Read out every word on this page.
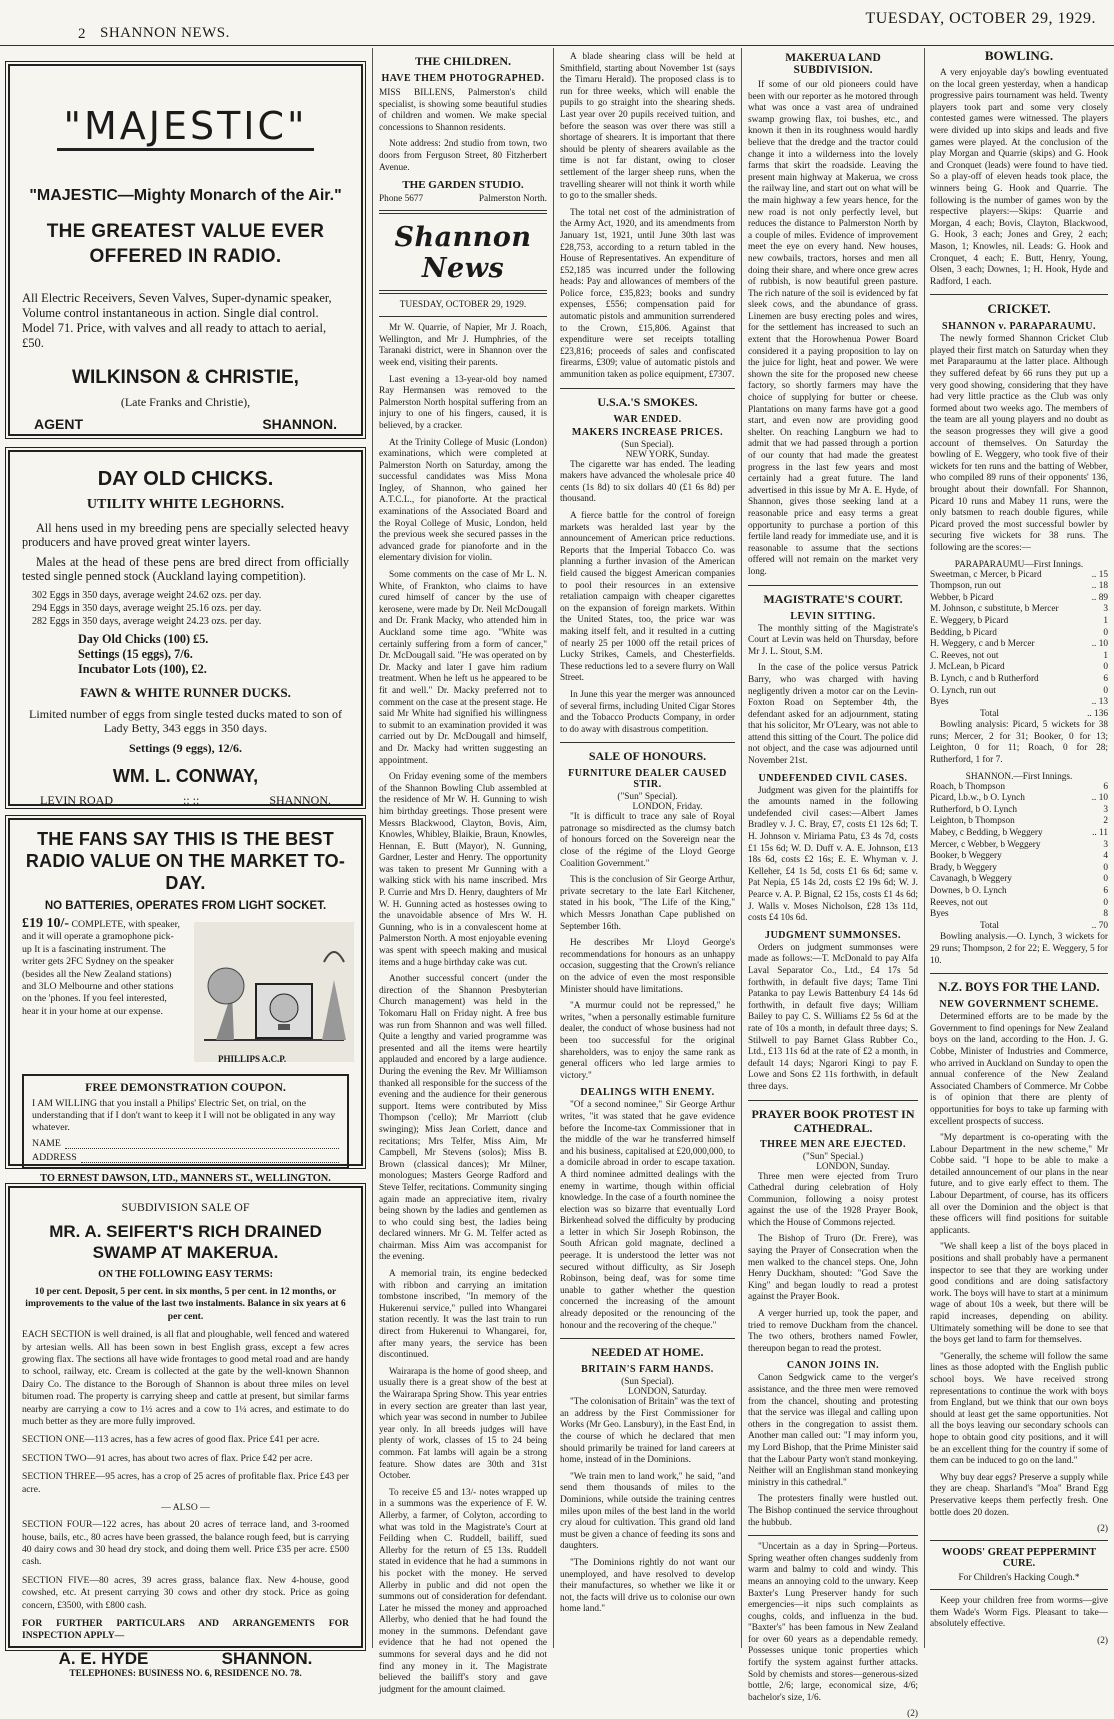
2 SHANNON NEWS.
TUESDAY, OCTOBER 29, 1929.
"MAJESTIC"

"MAJESTIC—Mighty Monarch of the Air."

THE GREATEST VALUE EVER OFFERED IN RADIO.

All Electric Receivers, Seven Valves, Super-dynamic speaker, Volume control instantaneous in action. Single dial control. Model 71. Price, with valves and all ready to attach to aerial, £50.

WILKINSON & CHRISTIE,

(Late Franks and Christie),

AGENT	SHANNON.

DAY OLD CHICKS.

UTILITY WHITE LEGHORNS.

All hens used in my breeding pens are specially selected heavy producers and have proved great winter layers.

Males at the head of these pens are bred direct from officially tested single penned stock (Auckland laying competition).

302 Eggs in 350 days, average weight 24.62 ozs. per day.
294 Eggs in 350 days, average weight 25.16 ozs. per day.
282 Eggs in 350 days, average weight 24.23 ozs. per day.
Day Old Chicks (100) £5.
Settings (15 eggs), 7/6.
Incubator Lots (100), £2.

FAWN & WHITE RUNNER DUCKS.

Limited number of eggs from single tested ducks mated to son of Lady Betty, 343 eggs in 350 days.

Settings (9 eggs), 12/6.

WM. L. CONWAY,

LEVIN ROAD	:: ::	SHANNON.

THE FANS SAY THIS IS THE BEST RADIO VALUE ON THE MARKET TO-DAY.

NO BATTERIES, OPERATES FROM LIGHT SOCKET.

£19 10/- COMPLETE, with speaker, and it will operate a gramophone pick-up It is a fascinating instrument. The writer gets 2FC Sydney on the speaker (besides all the New Zealand stations) and 3LO Melbourne and other stations on the 'phones. If you feel interested, hear it in your home at our expense.
PHILLIPS A.C.P.

FREE DEMONSTRATION COUPON.

I AM WILLING that you install a Philips' Electric Set, on trial, on the understanding that if I don't want to keep it I will not be obligated in any way whatever.

NAME
ADDRESS

TO ERNEST DAWSON, LTD., MANNERS ST., WELLINGTON.

SUBDIVISION SALE OF

MR. A. SEIFERT'S RICH DRAINED SWAMP AT MAKERUA.

ON THE FOLLOWING EASY TERMS:

10 per cent. Deposit, 5 per cent. in six months, 5 per cent. in 12 months, or improvements to the value of the last two instalments. Balance in six years at 6 per cent.

EACH SECTION is well drained, is all flat and ploughable, well fenced and watered by artesian wells. All has been sown in best English grass, except a few acres growing flax. The sections all have wide frontages to good metal road and are handy to school, railway, etc. Cream is collected at the gate by the well-known Shannon Dairy Co. The distance to the Borough of Shannon is about three miles on level bitumen road. The property is carrying sheep and cattle at present, but similar farms nearby are carrying a cow to 1½ acres and a cow to 1¼ acres, and estimate to do much better as they are more fully improved.

SECTION ONE—113 acres, has a few acres of good flax. Price £41 per acre.

SECTION TWO—91 acres, has about two acres of flax. Price £42 per acre.

SECTION THREE—95 acres, has a crop of 25 acres of profitable flax. Price £43 per acre.

— ALSO —

SECTION FOUR—122 acres, has about 20 acres of terrace land, and 3-roomed house, bails, etc., 80 acres have been grassed, the balance rough feed, but is carrying 40 dairy cows and 30 head dry stock, and doing them well. Price £35 per acre. £500 cash.

SECTION FIVE—80 acres, 39 acres grass, balance flax. New 4-house, good cowshed, etc. At present carrying 30 cows and other dry stock. Price as going concern, £3500, with £800 cash.

FOR FURTHER PARTICULARS AND ARRANGEMENTS FOR INSPECTION APPLY—

A. E. HYDE	SHANNON.

TELEPHONES: BUSINESS NO. 6, RESIDENCE NO. 78.

THE CHILDREN.
HAVE THEM PHOTOGRAPHED.

MISS BILLENS, Palmerston's child specialist, is showing some beautiful studies of children and women. We make special concessions to Shannon residents.

Note address: 2nd studio from town, two doors from Ferguson Street, 80 Fitzherbert Avenue.

THE GARDEN STUDIO.
Phone 5677	Palmerston North.
Shannon News
TUESDAY, OCTOBER 29, 1929.

Mr W. Quarrie, of Napier, Mr J. Roach, Wellington, and Mr J. Humphries, of the Taranaki district, were in Shannon over the week end, visiting their parents.

Last evening a 13-year-old boy named Ray Hermansen was removed to the Palmerston North hospital suffering from an injury to one of his fingers, caused, it is believed, by a cracker.

At the Trinity College of Music (London) examinations, which were completed at Palmerston North on Saturday, among the successful candidates was Miss Mona Ingley, of Shannon, who gained her A.T.C.L., for pianoforte. At the practical examinations of the Associated Board and the Royal College of Music, London, held the previous week she secured passes in the advanced grade for pianoforte and in the elementary division for violin.

Some comments on the case of Mr L. N. White, of Frankton, who claims to have cured himself of cancer by the use of kerosene, were made by Dr. Neil McDougall and Dr. Frank Macky, who attended him in Auckland some time ago. "White was certainly suffering from a form of cancer," Dr. McDougall said. "He was operated on by Dr. Macky and later I gave him radium treatment. When he left us he appeared to be fit and well." Dr. Macky preferred not to comment on the case at the present stage. He said Mr White had signified his willingness to submit to an examination provided it was carried out by Dr. McDougall and himself, and Dr. Macky had written suggesting an appointment.

On Friday evening some of the members of the Shannon Bowling Club assembled at the residence of Mr W. H. Gunning to wish him birthday greetings. Those present were Messrs Blackwood, Clayton, Bovis, Aim, Knowles, Whibley, Blaikie, Braun, Knowles, Hennan, E. Butt (Mayor), N. Gunning, Gardner, Lester and Henry. The opportunity was taken to present Mr Gunning with a walking stick with his name inscribed. Mrs P. Currie and Mrs D. Henry, daughters of Mr W. H. Gunning acted as hostesses owing to the unavoidable absence of Mrs W. H. Gunning, who is in a convalescent home at Palmerston North. A most enjoyable evening was spent with speech making and musical items and a huge birthday cake was cut.

Another successful concert (under the direction of the Shannon Presbyterian Church management) was held in the Tokomaru Hall on Friday night. A free bus was run from Shannon and was well filled. Quite a lengthy and varied programme was presented and all the items were heartily applauded and encored by a large audience. During the evening the Rev. Mr Williamson thanked all responsible for the success of the evening and the audience for their generous support. Items were contributed by Miss Thompson ('cello); Mr Marriott (club swinging); Miss Jean Corlett, dance and recitations; Mrs Telfer, Miss Aim, Mr Campbell, Mr Stevens (solos); Miss B. Brown (classical dances); Mr Milner, monologues; Masters George Radford and Steve Telfer, recitations. Community singing again made an appreciative item, rivalry being shown by the ladies and gentlemen as to who could sing best, the ladies being declared winners. Mr G. M. Telfer acted as chairman. Miss Aim was accompanist for the evening.

A memorial train, its engine bedecked with ribbon and carrying an imitation tombstone inscribed, "In memory of the Hukerenui service," pulled into Whangarei station recently. It was the last train to run direct from Hukerenui to Whangarei, for, after many years, the service has been discontinued.

Wairarapa is the home of good sheep, and usually there is a great show of the best at the Wairarapa Spring Show. This year entries in every section are greater than last year, which year was second in number to Jubilee year only. In all breeds judges will have plenty of work, classes of 15 to 24 being common. Fat lambs will again be a strong feature. Show dates are 30th and 31st October.

To receive £5 and 13/- notes wrapped up in a summons was the experience of F. W. Allerby, a farmer, of Colyton, according to what was told in the Magistrate's Court at Feilding when C. Ruddell, bailiff, sued Allerby for the return of £5 13s. Ruddell stated in evidence that he had a summons in his pocket with the money. He served Allerby in public and did not open the summons out of consideration for defendant. Later he missed the money and approached Allerby, who denied that he had found the money in the summons. Defendant gave evidence that he had not opened the summons for several days and he did not find any money in it. The Magistrate believed the bailiff's story and gave judgment for the amount claimed.

A blade shearing class will be held at Smithfield, starting about November 1st (says the Timaru Herald). The proposed class is to run for three weeks, which will enable the pupils to go straight into the shearing sheds. Last year over 20 pupils received tuition, and before the season was over there was still a shortage of shearers. It is important that there should be plenty of shearers available as the time is not far distant, owing to closer settlement of the larger sheep runs, when the travelling shearer will not think it worth while to go to the smaller sheds.

The total net cost of the administration of the Army Act, 1920, and its amendments from January 1st, 1921, until June 30th last was £28,753, according to a return tabled in the House of Representatives. An expenditure of £52,185 was incurred under the following heads: Pay and allowances of members of the Police force, £35,823; books and sundry expenses, £556; compensation paid for automatic pistols and ammunition surrendered to the Crown, £15,806. Against that expenditure were set receipts totalling £23,816; proceeds of sales and confiscated firearms, £309; value of automatic pistols and ammunition taken as police equipment, £7307.

U.S.A.'S SMOKES.
WAR ENDED.
MAKERS INCREASE PRICES.
(Sun Special).
NEW YORK, Sunday.

The cigarette war has ended. The leading makers have advanced the wholesale price 40 cents (1s 8d) to six dollars 40 (£1 6s 8d) per thousand.

A fierce battle for the control of foreign markets was heralded last year by the announcement of American price reductions. Reports that the Imperial Tobacco Co. was planning a further invasion of the American field caused the biggest American companies to pool their resources in an extensive retaliation campaign with cheaper cigarettes on the expansion of foreign markets. Within the United States, too, the price war was making itself felt, and it resulted in a cutting of nearly 25 per 1000 off the retail prices of Lucky Strikes, Camels, and Chesterfields. These reductions led to a severe flurry on Wall Street.

In June this year the merger was announced of several firms, including United Cigar Stores and the Tobacco Products Company, in order to do away with disastrous competition.

SALE OF HONOURS.
FURNITURE DEALER CAUSED STIR.
("Sun" Special).
LONDON, Friday.

"It is difficult to trace any sale of Royal patronage so misdirected as the clumsy batch of honours forced on the Sovereign near the close of the régime of the Lloyd George Coalition Government."

This is the conclusion of Sir George Arthur, private secretary to the late Earl Kitchener, stated in his book, "The Life of the King," which Messrs Jonathan Cape published on September 16th.

He describes Mr Lloyd George's recommendations for honours as an unhappy occasion, suggesting that the Crown's reliance on the advice of even the most responsible Minister should have limitations.

"A murmur could not be repressed," he writes, "when a personally estimable furniture dealer, the conduct of whose business had not been too successful for the original shareholders, was to enjoy the same rank as general officers who led large armies to victory."

DEALINGS WITH ENEMY.

"Of a second nominee," Sir George Arthur writes, "it was stated that he gave evidence before the Income-tax Commissioner that in the middle of the war he transferred himself and his business, capitalised at £20,000,000, to a domicile abroad in order to escape taxation. A third nominee admitted dealings with the enemy in wartime, though within official knowledge. In the case of a fourth nominee the election was so bizarre that eventually Lord Birkenhead solved the difficulty by producing a letter in which Sir Joseph Robinson, the South African gold magnate, declined a peerage. It is understood the letter was not secured without difficulty, as Sir Joseph Robinson, being deaf, was for some time unable to gather whether the question concerned the increasing of the amount already deposited or the renouncing of the honour and the recovering of the cheque."

NEEDED AT HOME.
BRITAIN'S FARM HANDS.
(Sun Special).
LONDON, Saturday.

"The colonisation of Britain" was the text of an address by the First Commissioner for Works (Mr Geo. Lansbury), in the East End, in the course of which he declared that men should primarily be trained for land careers at home, instead of in the Dominions.

"We train men to land work," he said, "and send them thousands of miles to the Dominions, while outside the training centres miles upon miles of the best land in the world cry aloud for cultivation. This grand old land must be given a chance of feeding its sons and daughters.

"The Dominions rightly do not want our unemployed, and have resolved to develop their manufactures, so whether we like it or not, the facts will drive us to colonise our own home land."

MAKERUA LAND SUBDIVISION.

If some of our old pioneers could have been with our reporter as he motored through what was once a vast area of undrained swamp growing flax, toi bushes, etc., and known it then in its roughness would hardly believe that the dredge and the tractor could change it into a wilderness into the lovely farms that skirt the roadside. Leaving the present main highway at Makerua, we cross the railway line, and start out on what will be the main highway a few years hence, for the new road is not only perfectly level, but reduces the distance to Palmerston North by a couple of miles. Evidence of improvement meet the eye on every hand. New houses, new cowbails, tractors, horses and men all doing their share, and where once grew acres of rubbish, is now beautiful green pasture. The rich nature of the soil is evidenced by fat sleek cows, and the abundance of grass. Linemen are busy erecting poles and wires, for the settlement has increased to such an extent that the Horowhenua Power Board considered it a paying proposition to lay on the juice for light, heat and power. We were shown the site for the proposed new cheese factory, so shortly farmers may have the choice of supplying for butter or cheese. Plantations on many farms have got a good start, and even now are providing good shelter. On reaching Langburn we had to admit that we had passed through a portion of our county that had made the greatest progress in the last few years and most certainly had a great future. The land advertised in this issue by Mr A. E. Hyde, of Shannon, gives those seeking land at a reasonable price and easy terms a great opportunity to purchase a portion of this fertile land ready for immediate use, and it is reasonable to assume that the sections offered will not remain on the market very long.

MAGISTRATE'S COURT.
LEVIN SITTING.

The monthly sitting of the Magistrate's Court at Levin was held on Thursday, before Mr J. L. Stout, S.M.

In the case of the police versus Patrick Barry, who was charged with having negligently driven a motor car on the Levin-Foxton Road on September 4th, the defendant asked for an adjournment, stating that his solicitor, Mr O'Leary, was not able to attend this sitting of the Court. The police did not object, and the case was adjourned until November 21st.

UNDEFENDED CIVIL CASES.

Judgment was given for the plaintiffs for the amounts named in the following undefended civil cases:—Albert James Bradley v. J. C. Bray, £7, costs £1 12s 6d; T. H. Johnson v. Miriama Patu, £3 4s 7d, costs £1 15s 6d; W. D. Duff v. A. E. Johnson, £13 18s 6d, costs £2 16s; E. E. Whyman v. J. Kelleher, £4 1s 5d, costs £1 6s 6d; same v. Pat Nepia, £5 14s 2d, costs £2 19s 6d; W. J. Pearce v. A. P. Bignal, £2 15s, costs £1 4s 6d; J. Walls v. Moses Nicholson, £28 13s 11d, costs £4 10s 6d.

JUDGMENT SUMMONSES.

Orders on judgment summonses were made as follows:—T. McDonald to pay Alfa Laval Separator Co., Ltd., £4 17s 5d forthwith, in default five days; Tame Tini Patanka to pay Lewis Battenbury £4 14s 6d forthwith, in default five days; William Bailey to pay C. S. Williams £2 5s 6d at the rate of 10s a month, in default three days; S. Stilwell to pay Barnet Glass Rubber Co., Ltd., £13 11s 6d at the rate of £2 a month, in default 14 days; Ngarori Kingi to pay F. Lowe and Sons £2 11s forthwith, in default three days.

PRAYER BOOK PROTEST IN CATHEDRAL.
THREE MEN ARE EJECTED.
("Sun" Special.)
LONDON, Sunday.

Three men were ejected from Truro Cathedral during celebration of Holy Communion, following a noisy protest against the use of the 1928 Prayer Book, which the House of Commons rejected.

The Bishop of Truro (Dr. Frere), was saying the Prayer of Consecration when the men walked to the chancel steps. One, John Henry Duckham, shouted: "God Save the King" and began loudly to read a protest against the Prayer Book.

A verger hurried up, took the paper, and tried to remove Duckham from the chancel. The two others, brothers named Fowler, thereupon began to read the protest.

CANON JOINS IN.

Canon Sedgwick came to the verger's assistance, and the three men were removed from the chancel, shouting and protesting that the service was illegal and calling upon others in the congregation to assist them. Another man called out: "I may inform you, my Lord Bishop, that the Prime Minister said that the Labour Party won't stand monkeying. Neither will an Englishman stand monkeying ministry in this cathedral."

The protesters finally were hustled out. The Bishop continued the service throughout the hubbub.

"Uncertain as a day in Spring—Porteus. Spring weather often changes suddenly from warm and balmy to cold and windy. This means an annoying cold to the unwary. Keep Baxter's Lung Preserver handy for such emergencies—it nips such complaints as coughs, colds, and influenza in the bud. "Baxter's" has been famous in New Zealand for over 60 years as a dependable remedy. Possesses unique tonic properties which fortify the system against further attacks. Sold by chemists and stores—generous-sized bottle, 2/6; large, economical size, 4/6; bachelor's size, 1/6.

(2)
BOWLING.

A very enjoyable day's bowling eventuated on the local green yesterday, when a handicap progressive pairs tournament was held. Twenty players took part and some very closely contested games were witnessed. The players were divided up into skips and leads and five games were played. At the conclusion of the play Morgan and Quarrie (skips) and G. Hook and Cronquet (leads) were found to have tied. So a play-off of eleven heads took place, the winners being G. Hook and Quarrie. The following is the number of games won by the respective players:—Skips: Quarrie and Morgan, 4 each; Bovis, Clayton, Blackwood, G. Hook, 3 each; Jones and Grey, 2 each; Mason, 1; Knowles, nil. Leads: G. Hook and Cronquet, 4 each; E. Butt, Henry, Young, Olsen, 3 each; Downes, 1; H. Hook, Hyde and Radford, 1 each.

CRICKET.
SHANNON v. PARAPARAUMU.

The newly formed Shannon Cricket Club played their first match on Saturday when they met Paraparaumu at the latter place. Although they suffered defeat by 66 runs they put up a very good showing, considering that they have had very little practice as the Club was only formed about two weeks ago. The members of the team are all young players and no doubt as the season progresses they will give a good account of themselves. On Saturday the bowling of E. Weggery, who took five of their wickets for ten runs and the batting of Webber, who compiled 89 runs of their opponents' 136, brought about their downfall. For Shannon, Picard 10 runs and Mabey 11 runs, were the only batsmen to reach double figures, while Picard proved the most successful bowler by securing five wickets for 38 runs. The following are the scores:—

PARAPARAUMU—First Innings.
Sweetman, c Mercer, b Picard	.. 15
Thompson, run out	.. 18
Webber, b Picard	.. 89
M. Johnson, c substitute, b Mercer	3
E. Weggery, b Picard	1
Bedding, b Picard	0
H. Weggery, c and b Mercer	.. 10
C. Reeves, not out	1
J. McLean, b Picard	0
B. Lynch, c and b Rutherford	6
O. Lynch, run out	0
Byes	.. 13
Total	.. 136

Bowling analysis: Picard, 5 wickets for 38 runs; Mercer, 2 for 31; Booker, 0 for 13; Leighton, 0 for 11; Roach, 0 for 28; Rutherford, 1 for 7.

SHANNON.—First Innings.
Roach, b Thompson	6
Picard, l.b.w., b O. Lynch	.. 10
Rutherford, b O. Lynch	3
Leighton, b Thompson	2
Mabey, c Bedding, b Weggery	.. 11
Mercer, c Webber, b Weggery	3
Booker, b Weggery	4
Brady, b Weggery	0
Cavanagh, b Weggery	0
Downes, b O. Lynch	6
Reeves, not out	0
Byes	8
Total	.. 70

Bowling analysis.—O. Lynch, 3 wickets for 29 runs; Thompson, 2 for 22; E. Weggery, 5 for 10.

N.Z. BOYS FOR THE LAND.
NEW GOVERNMENT SCHEME.

Determined efforts are to be made by the Government to find openings for New Zealand boys on the land, according to the Hon. J. G. Cobbe, Minister of Industries and Commerce, who arrived in Auckland on Sunday to open the annual conference of the New Zealand Associated Chambers of Commerce. Mr Cobbe is of opinion that there are plenty of opportunities for boys to take up farming with excellent prospects of success.

"My department is co-operating with the Labour Department in the new scheme," Mr Cobbe said. "I hope to be able to make a detailed announcement of our plans in the near future, and to give early effect to them. The Labour Department, of course, has its officers all over the Dominion and the object is that these officers will find positions for suitable applicants.

"We shall keep a list of the boys placed in positions and shall probably have a permanent inspector to see that they are working under good conditions and are doing satisfactory work. The boys will have to start at a minimum wage of about 10s a week, but there will be rapid increases, depending on ability. Ultimately something will be done to see that the boys get land to farm for themselves.

"Generally, the scheme will follow the same lines as those adopted with the English public school boys. We have received strong representations to continue the work with boys from England, but we think that our own boys should at least get the same opportunities. Not all the boys leaving our secondary schools can hope to obtain good city positions, and it will be an excellent thing for the country if some of them can be induced to go on the land."

Why buy dear eggs? Preserve a supply while they are cheap. Sharland's "Moa" Brand Egg Preservative keeps them perfectly fresh. One bottle does 20 dozen.

(2)
WOODS' GREAT PEPPERMINT CURE.
For Children's Hacking Cough.*

Keep your children free from worms—give them Wade's Worm Figs. Pleasant to take—absolutely effective.

(2)
